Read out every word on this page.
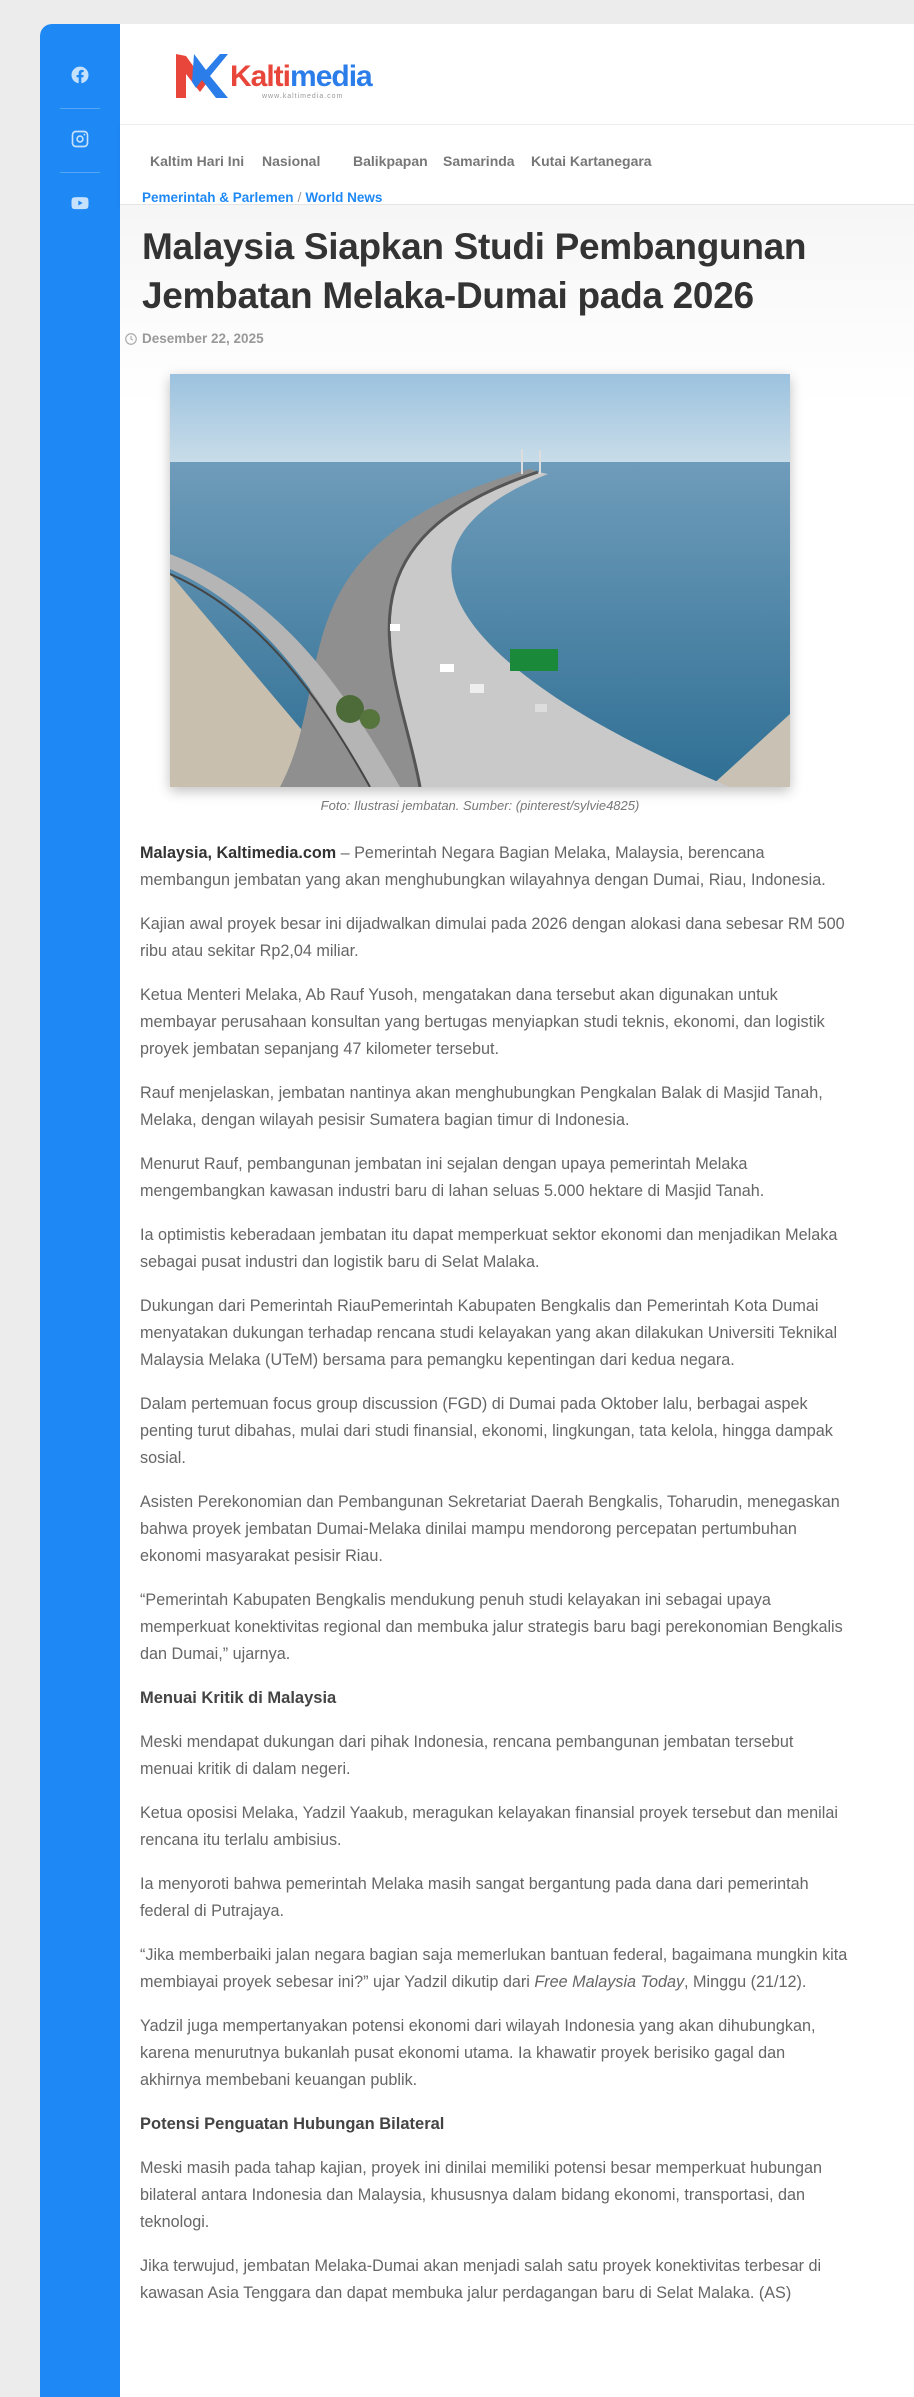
Kaltimedia
www.kaltimedia.com
Kaltim Hari Ini Nasional Balikpapan Samarinda Kutai Kartanegara
Pemerintah & Parlemen / World News
Malaysia Siapkan Studi Pembangunan Jembatan Melaka-Dumai pada 2026
Desember 22, 2025
Foto: Ilustrasi jembatan. Sumber: (pinterest/sylvie4825)

Malaysia, Kaltimedia.com – Pemerintah Negara Bagian Melaka, Malaysia, berencana membangun jembatan yang akan menghubungkan wilayahnya dengan Dumai, Riau, Indonesia.

Kajian awal proyek besar ini dijadwalkan dimulai pada 2026 dengan alokasi dana sebesar RM 500 ribu atau sekitar Rp2,04 miliar.

Ketua Menteri Melaka, Ab Rauf Yusoh, mengatakan dana tersebut akan digunakan untuk membayar perusahaan konsultan yang bertugas menyiapkan studi teknis, ekonomi, dan logistik proyek jembatan sepanjang 47 kilometer tersebut.

Rauf menjelaskan, jembatan nantinya akan menghubungkan Pengkalan Balak di Masjid Tanah, Melaka, dengan wilayah pesisir Sumatera bagian timur di Indonesia.

Menurut Rauf, pembangunan jembatan ini sejalan dengan upaya pemerintah Melaka mengembangkan kawasan industri baru di lahan seluas 5.000 hektare di Masjid Tanah.

Ia optimistis keberadaan jembatan itu dapat memperkuat sektor ekonomi dan menjadikan Melaka sebagai pusat industri dan logistik baru di Selat Malaka.

Dukungan dari Pemerintah RiauPemerintah Kabupaten Bengkalis dan Pemerintah Kota Dumai menyatakan dukungan terhadap rencana studi kelayakan yang akan dilakukan Universiti Teknikal Malaysia Melaka (UTeM) bersama para pemangku kepentingan dari kedua negara.

Dalam pertemuan focus group discussion (FGD) di Dumai pada Oktober lalu, berbagai aspek penting turut dibahas, mulai dari studi finansial, ekonomi, lingkungan, tata kelola, hingga dampak sosial.

Asisten Perekonomian dan Pembangunan Sekretariat Daerah Bengkalis, Toharudin, menegaskan bahwa proyek jembatan Dumai-Melaka dinilai mampu mendorong percepatan pertumbuhan ekonomi masyarakat pesisir Riau.

“Pemerintah Kabupaten Bengkalis mendukung penuh studi kelayakan ini sebagai upaya memperkuat konektivitas regional dan membuka jalur strategis baru bagi perekonomian Bengkalis dan Dumai,” ujarnya.

Menuai Kritik di Malaysia

Meski mendapat dukungan dari pihak Indonesia, rencana pembangunan jembatan tersebut menuai kritik di dalam negeri.

Ketua oposisi Melaka, Yadzil Yaakub, meragukan kelayakan finansial proyek tersebut dan menilai rencana itu terlalu ambisius.

Ia menyoroti bahwa pemerintah Melaka masih sangat bergantung pada dana dari pemerintah federal di Putrajaya.

“Jika memberbaiki jalan negara bagian saja memerlukan bantuan federal, bagaimana mungkin kita membiayai proyek sebesar ini?” ujar Yadzil dikutip dari Free Malaysia Today, Minggu (21/12).

Yadzil juga mempertanyakan potensi ekonomi dari wilayah Indonesia yang akan dihubungkan, karena menurutnya bukanlah pusat ekonomi utama. Ia khawatir proyek berisiko gagal dan akhirnya membebani keuangan publik.

Potensi Penguatan Hubungan Bilateral

Meski masih pada tahap kajian, proyek ini dinilai memiliki potensi besar memperkuat hubungan bilateral antara Indonesia dan Malaysia, khususnya dalam bidang ekonomi, transportasi, dan teknologi.

Jika terwujud, jembatan Melaka-Dumai akan menjadi salah satu proyek konektivitas terbesar di kawasan Asia Tenggara dan dapat membuka jalur perdagangan baru di Selat Malaka. (AS)
